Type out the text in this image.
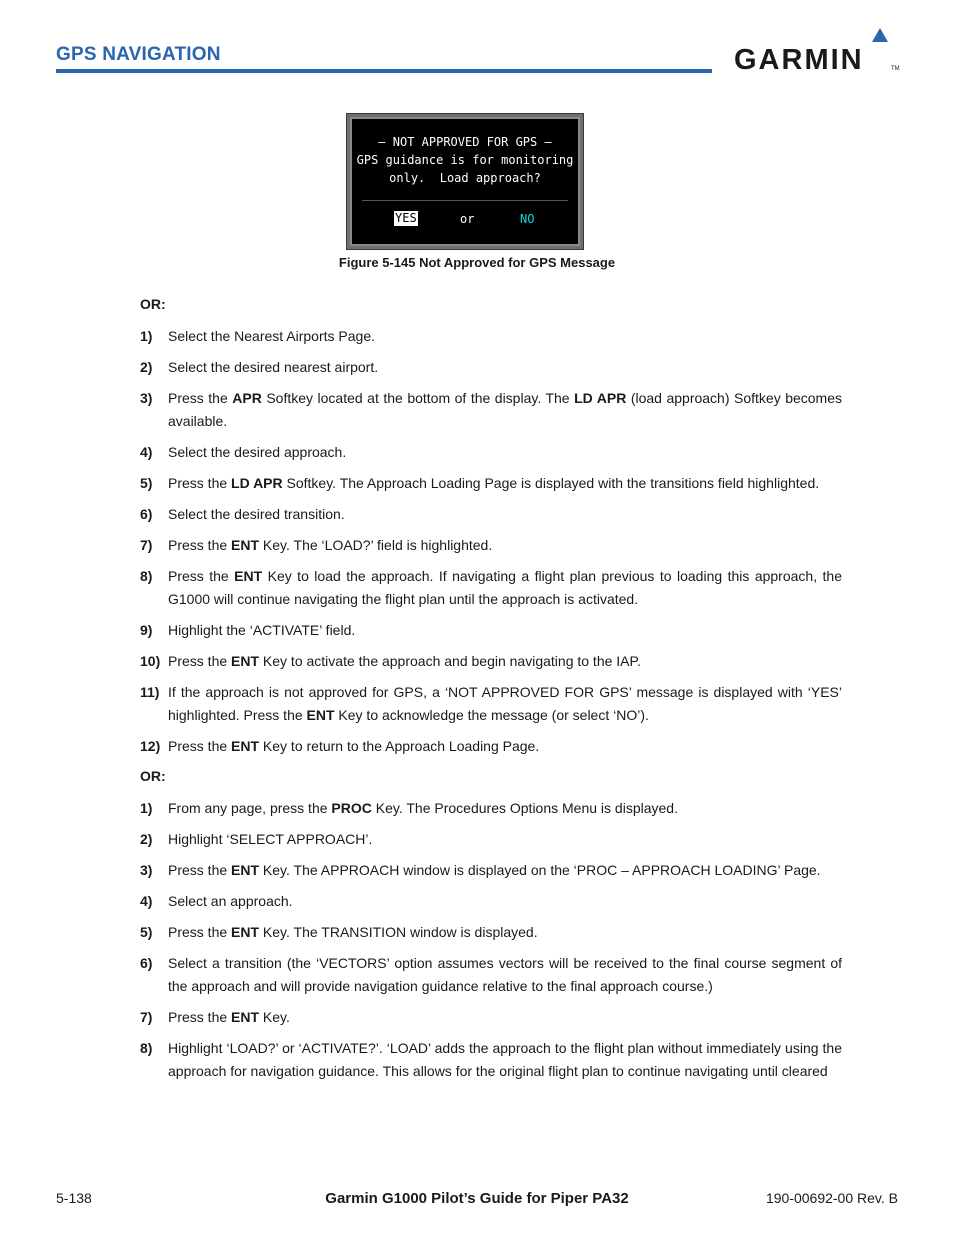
GPS NAVIGATION	GARMIN	TM
– NOT APPROVED FOR GPS –
GPS guidance is for monitoring
only.  Load approach?
YES	or	NO
Figure 5-145 Not Approved for GPS Message
OR:
1)	Select the Nearest Airports Page.
2)	Select the desired nearest airport.
3)	Press the APR Softkey located at the bottom of the display. The LD APR (load approach) Softkey becomes available.
4)	Select the desired approach.
5)	Press the LD APR Softkey. The Approach Loading Page is displayed with the transitions field highlighted.
6)	Select the desired transition.
7)	Press the ENT Key. The ‘LOAD?’ field is highlighted.
8)	Press the ENT Key to load the approach. If navigating a flight plan previous to loading this approach, the G1000 will continue navigating the flight plan until the approach is activated.
9)	Highlight the ‘ACTIVATE’ field.
10) Press the ENT Key to activate the approach and begin navigating to the IAP.
11) If the approach is not approved for GPS, a ‘NOT APPROVED FOR GPS’ message is displayed with ‘YES’ highlighted. Press the ENT Key to acknowledge the message (or select ‘NO’).
12) Press the ENT Key to return to the Approach Loading Page.
OR:
1)	From any page, press the PROC Key. The Procedures Options Menu is displayed.
2)	Highlight ‘SELECT APPROACH’.
3)	Press the ENT Key. The APPROACH window is displayed on the ‘PROC – APPROACH LOADING’ Page.
4)	Select an approach.
5)	Press the ENT Key. The TRANSITION window is displayed.
6)	Select a transition (the ‘VECTORS’ option assumes vectors will be received to the final course segment of the approach and will provide navigation guidance relative to the final approach course.)
7)	Press the ENT Key.
8)	Highlight ‘LOAD?’ or ‘ACTIVATE?’. ‘LOAD’ adds the approach to the flight plan without immediately using the approach for navigation guidance. This allows for the original flight plan to continue navigating until cleared
5-138	Garmin G1000 Pilot’s Guide for Piper PA32	190-00692-00 Rev. B
